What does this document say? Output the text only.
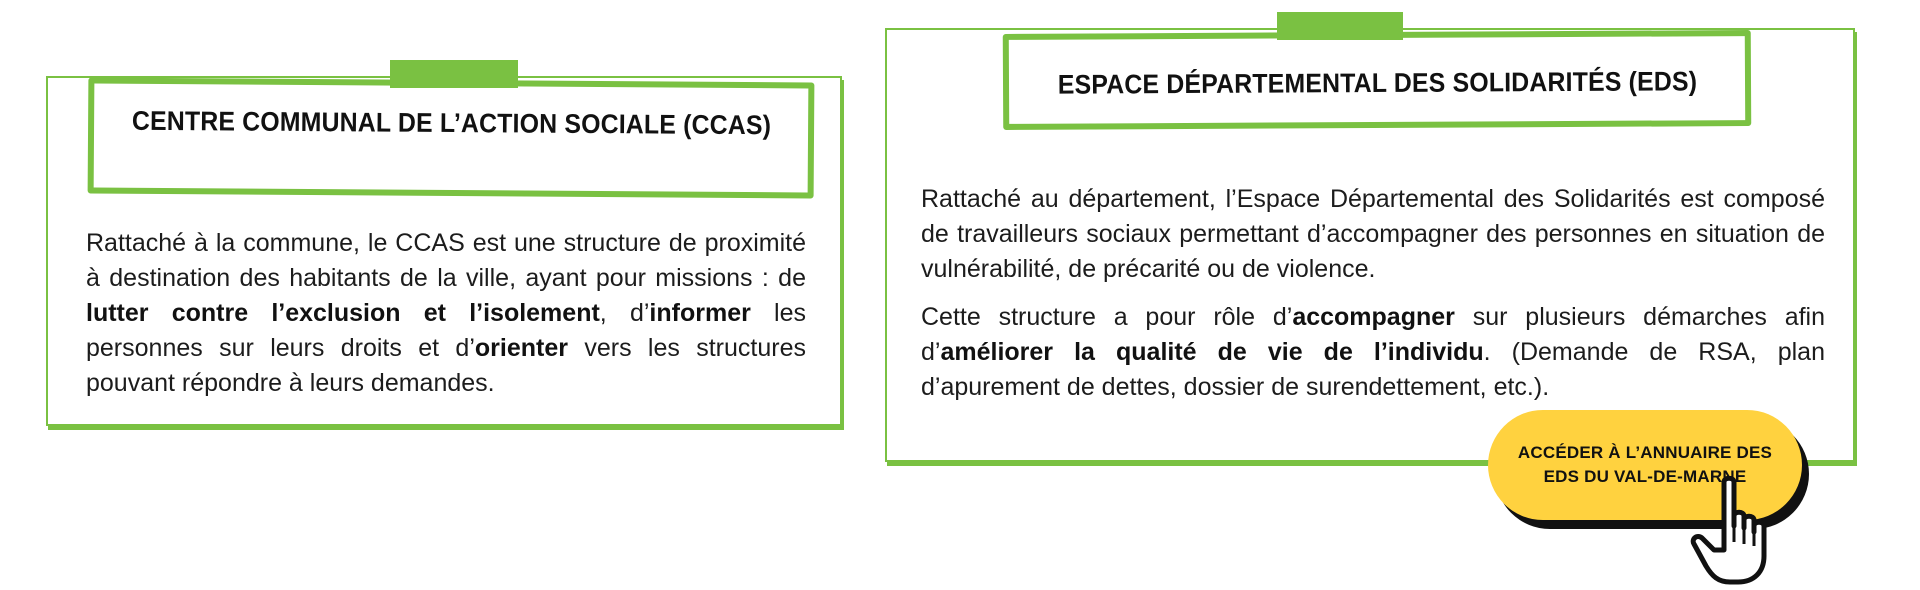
CENTRE COMMUNAL DE L’ACTION SOCIALE (CCAS)

Rattaché à la commune, le CCAS est une structure de proximité à destination des habitants de la ville, ayant pour missions : de lutter contre l’exclusion et l’isolement, d’informer les personnes sur leurs droits et d’orienter vers les structures pouvant répondre à leurs demandes.

ESPACE DÉPARTEMENTAL DES SOLIDARITÉS (EDS)

Rattaché au département, l’Espace Départemental des Solidarités est composé de travailleurs sociaux permettant d’accompagner des personnes en situation de vulnérabilité, de précarité ou de violence.

Cette structure a pour rôle d’accompagner sur plusieurs démarches afin d’améliorer la qualité de vie de l’individu. (Demande de RSA, plan d’apurement de dettes, dossier de surendettement, etc.).

ACCÉDER À L’ANNUAIRE DES
EDS DU VAL-DE-MARNE
